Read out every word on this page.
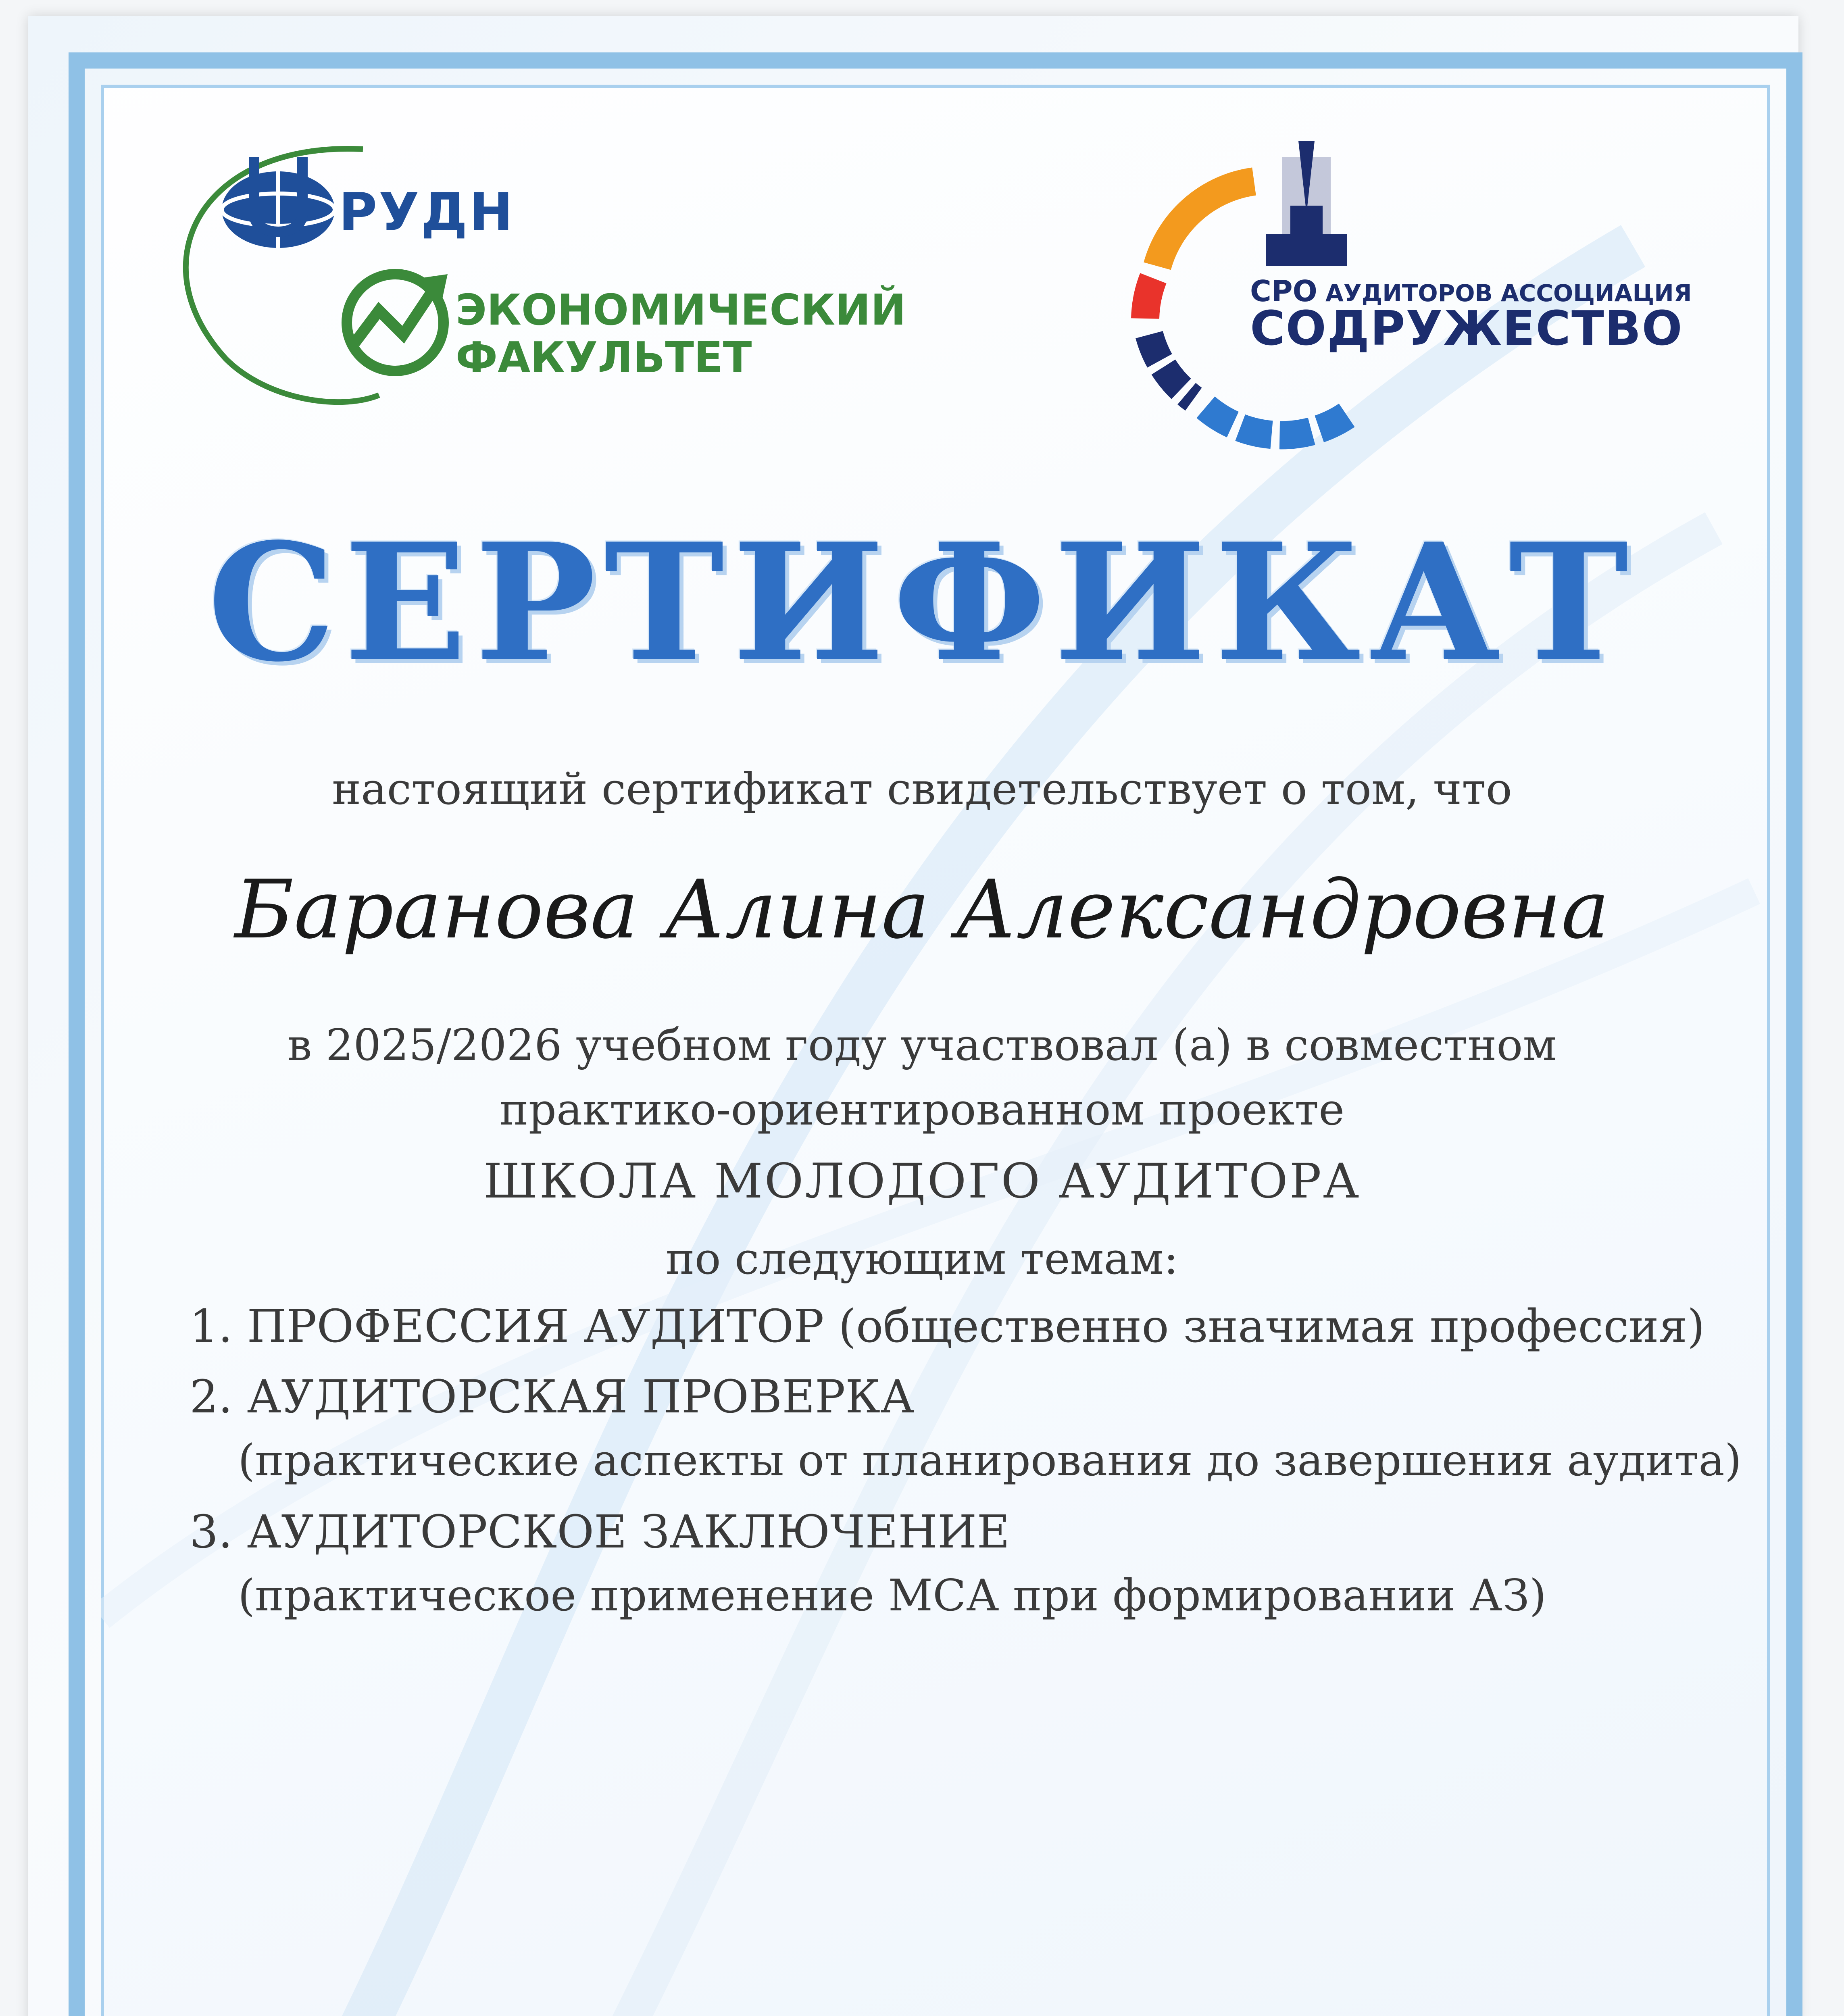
РУДН
ЭКОНОМИЧЕСКИЙ
ФАКУЛЬТЕТ
СРО АУДИТОРОВ АССОЦИАЦИЯ
СОДРУЖЕСТВО
СЕРТИФИКАТ
настоящий сертификат свидетельствует о том, что
Баранова Алина Александровна
в 2025/2026 учебном году участвовал (а) в совместном
практико-ориентированном проекте
ШКОЛА МОЛОДОГО АУДИТОРА
по следующим темам:
1. ПРОФЕССИЯ АУДИТОР (общественно значимая профессия)
2. АУДИТОРСКАЯ ПРОВЕРКА
(практические аспекты от планирования до завершения аудита)
3. АУДИТОРСКОЕ ЗАКЛЮЧЕНИЕ
(практическое применение МСА при формировании АЗ)
